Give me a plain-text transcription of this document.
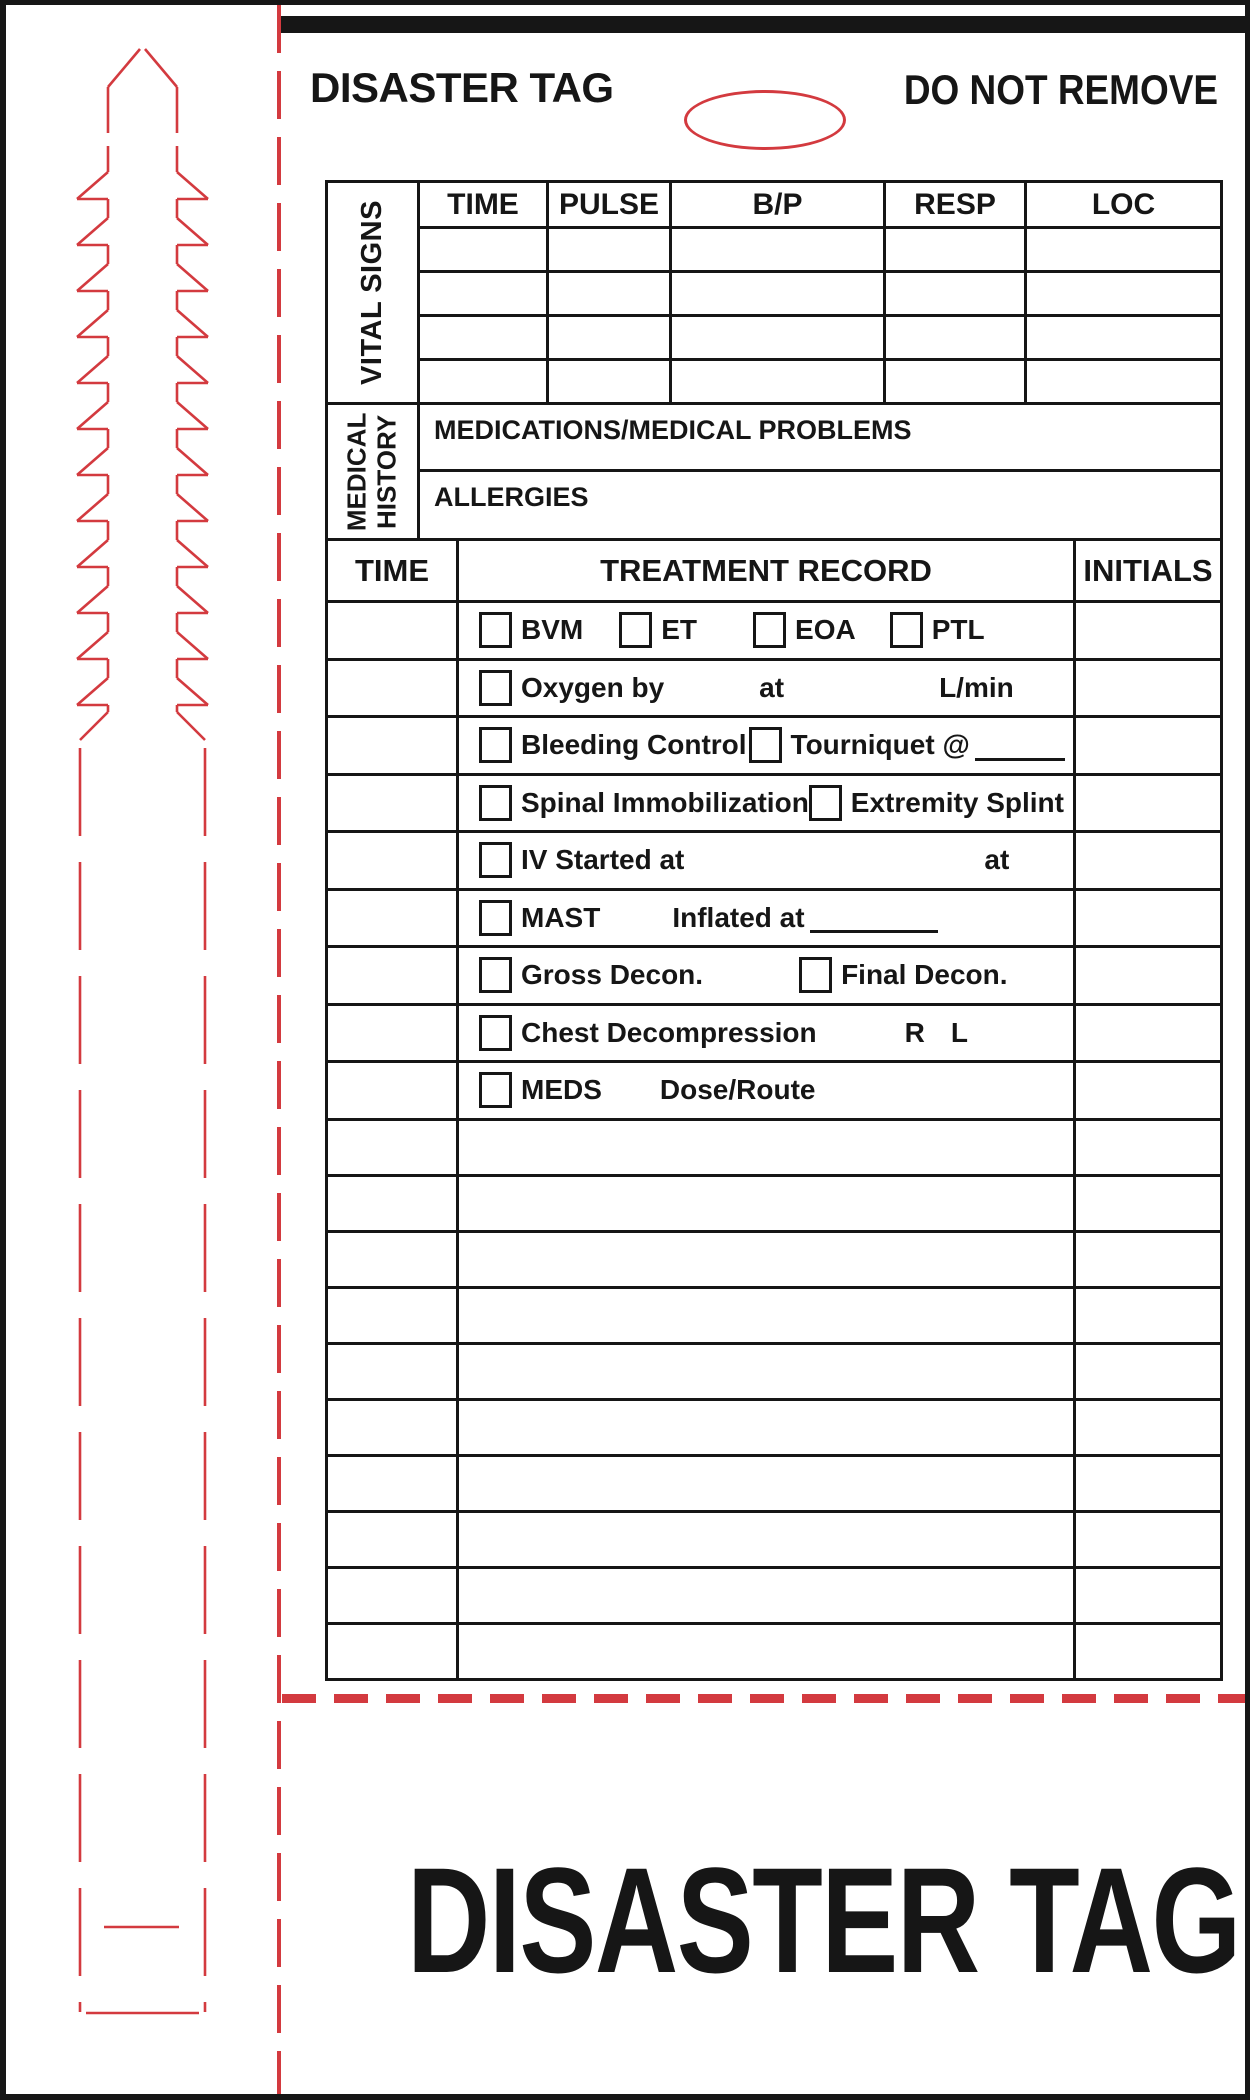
DISASTER TAG	DO NOT REMOVE
VITAL SIGNS	TIME	PULSE	B/P	RESP	LOC

MEDICAL
HISTORY	MEDICATIONS/MEDICAL PROBLEMS

ALLERGIES
TIME	TREATMENT RECORD	INITIALS

	BVM ET EOA PTL	

	Oxygen by at L/min	

	Bleeding Control Tourniquet @	

	Spinal Immobilization Extremity Splint	

	IV Started at at	

	MAST Inflated at	

	Gross Decon. Final Decon.	

	Chest Decompression R L	

	MEDS Dose/Route	

DISASTER TAG
